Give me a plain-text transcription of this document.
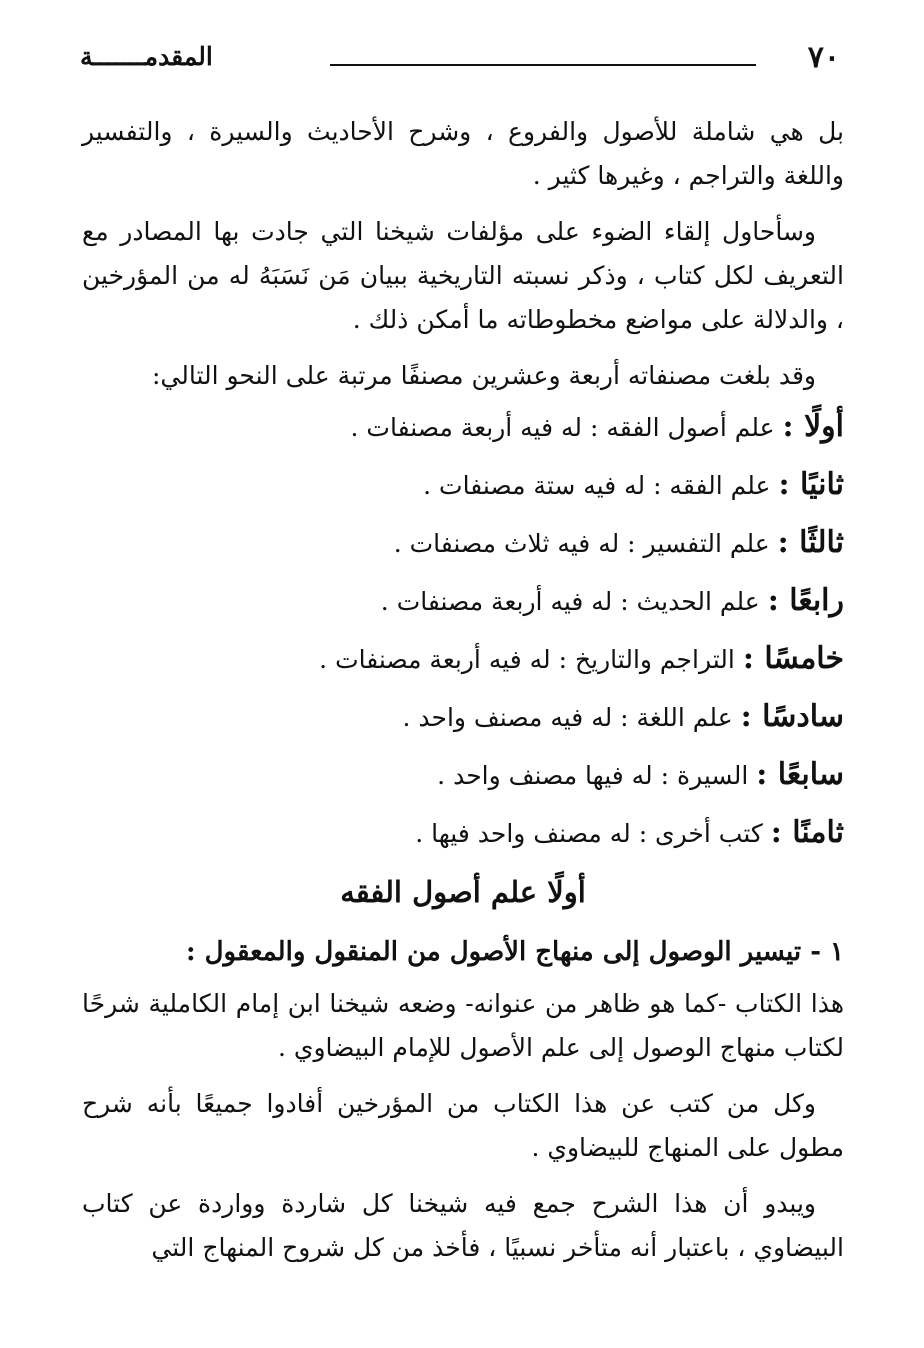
٧٠
المقدمـــــــة

بل هي شاملة للأصول والفروع ، وشرح الأحاديث والسيرة ، والتفسير واللغة والتراجم ، وغيرها كثير .

وسأحاول إلقاء الضوء على مؤلفات شيخنا التي جادت بها المصادر مع التعريف لكل كتاب ، وذكر نسبته التاريخية ببيان مَن نَسَبَهُ له من المؤرخين ، والدلالة على مواضع مخطوطاته ما أمكن ذلك .

وقد بلغت مصنفاته أربعة وعشرين مصنفًا مرتبة على النحو التالي:

أولًا : علم أصول الفقه : له فيه أربعة مصنفات .
ثانيًا : علم الفقه : له فيه ستة مصنفات .
ثالثًا : علم التفسير : له فيه ثلاث مصنفات .
رابعًا : علم الحديث : له فيه أربعة مصنفات .
خامسًا : التراجم والتاريخ : له فيه أربعة مصنفات .
سادسًا : علم اللغة : له فيه مصنف واحد .
سابعًا : السيرة : له فيها مصنف واحد .
ثامنًا : كتب أخرى : له مصنف واحد فيها .
أولًا علم أصول الفقه
١ - تيسير الوصول إلى منهاج الأصول من المنقول والمعقول :

هذا الكتاب -كما هو ظاهر من عنوانه- وضعه شيخنا ابن إمام الكاملية شرحًا لكتاب منهاج الوصول إلى علم الأصول للإمام البيضاوي .

وكل من كتب عن هذا الكتاب من المؤرخين أفادوا جميعًا بأنه شرح مطول على المنهاج للبيضاوي .

ويبدو أن هذا الشرح جمع فيه شيخنا كل شاردة وواردة عن كتاب البيضاوي ، باعتبار أنه متأخر نسبيًا ، فأخذ من كل شروح المنهاج التي
